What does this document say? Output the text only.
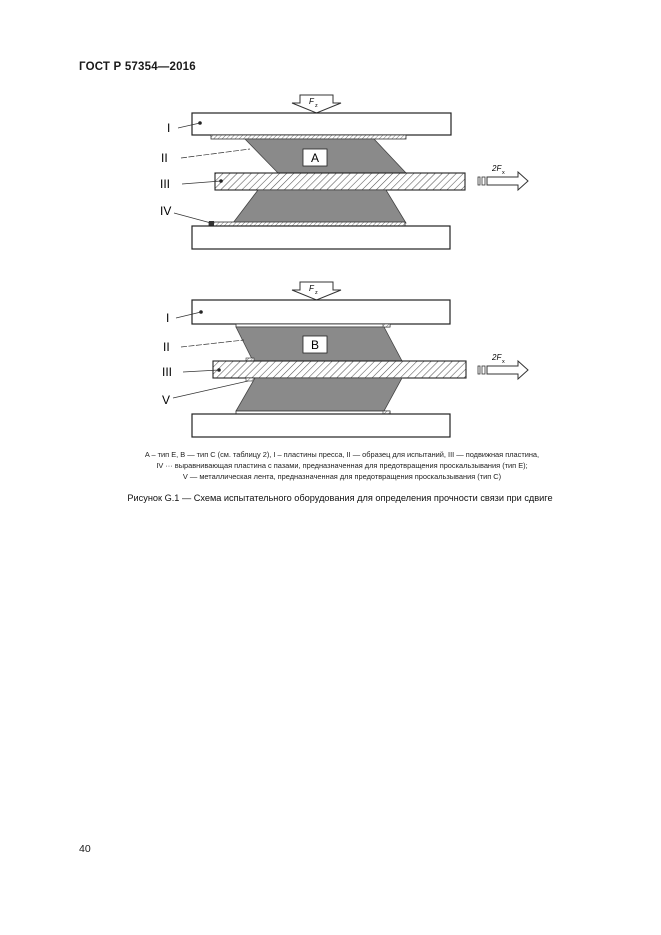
ГОСТ Р 57354—2016
F z
A
2F x
I
II
III
IV
F z
B
2F x
I
II
III
V
A – тип E, B — тип C (см. таблицу 2), I – пластины пресса, II — образец для испытаний, III — подвижная пластина,
IV ··· выравнивающая пластина с пазами, предназначенная для предотвращения проскальзывания (тип E);
V — металлическая лента, предназначенная для предотвращения проскальзывания (тип C)
Рисунок G.1 — Схема испытательного оборудования для определения прочности связи при сдвиге
40
